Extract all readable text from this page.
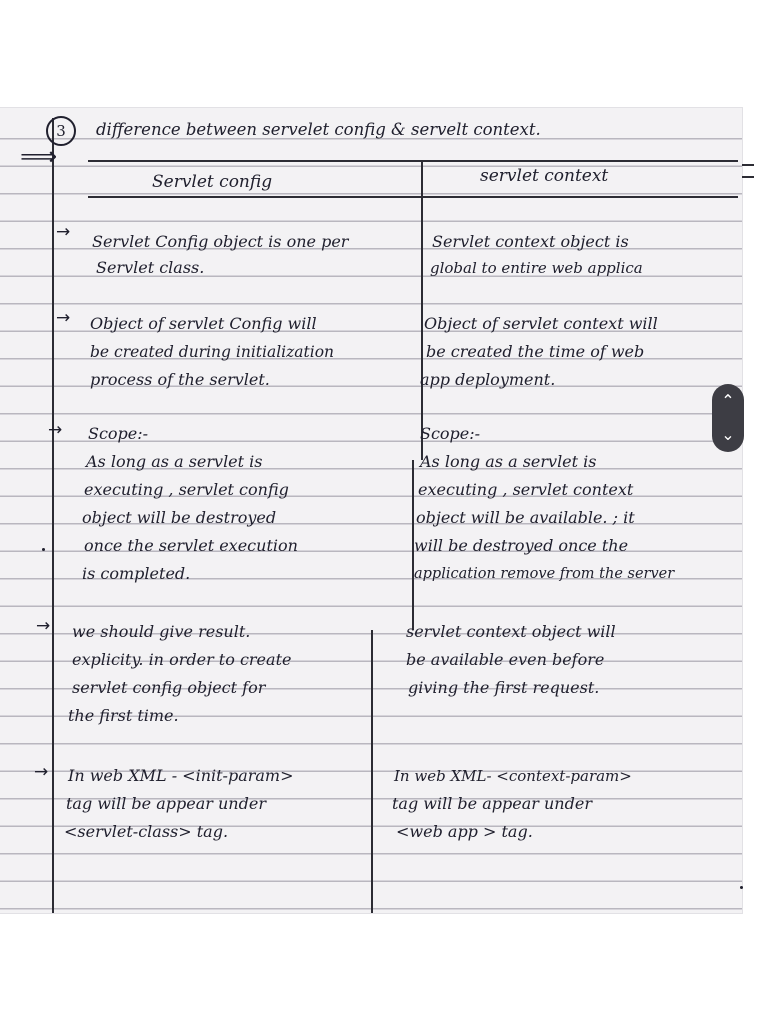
3
⟹

difference between servelet config & servelt context.

Servlet config	servlet context

→ Servlet Config object is one per

Servlet class.

Servlet context object is

global to entire web applica

→ Object of servlet Config will

be created during initialization

process of the servlet.

Object of servlet context will

be created the time of web

app deployment.

→ Scope:-

As long as a servlet is

executing , servlet config

object will be destroyed

once the servlet execution

is completed.

Scope:-

As long as a servlet is

executing , servlet context

object will be available. ; it

will be destroyed once the

application remove from the server

→ we should give result.

explicity. in order to create

servlet config object for

the first time.

servlet context object will

be available even before

giving the first request.

→ In web XML - <init-param>

tag will be appear under

<servlet-class> tag.

In web XML- <context-param>

tag will be appear under

<web app > tag.

⌃
⌄
